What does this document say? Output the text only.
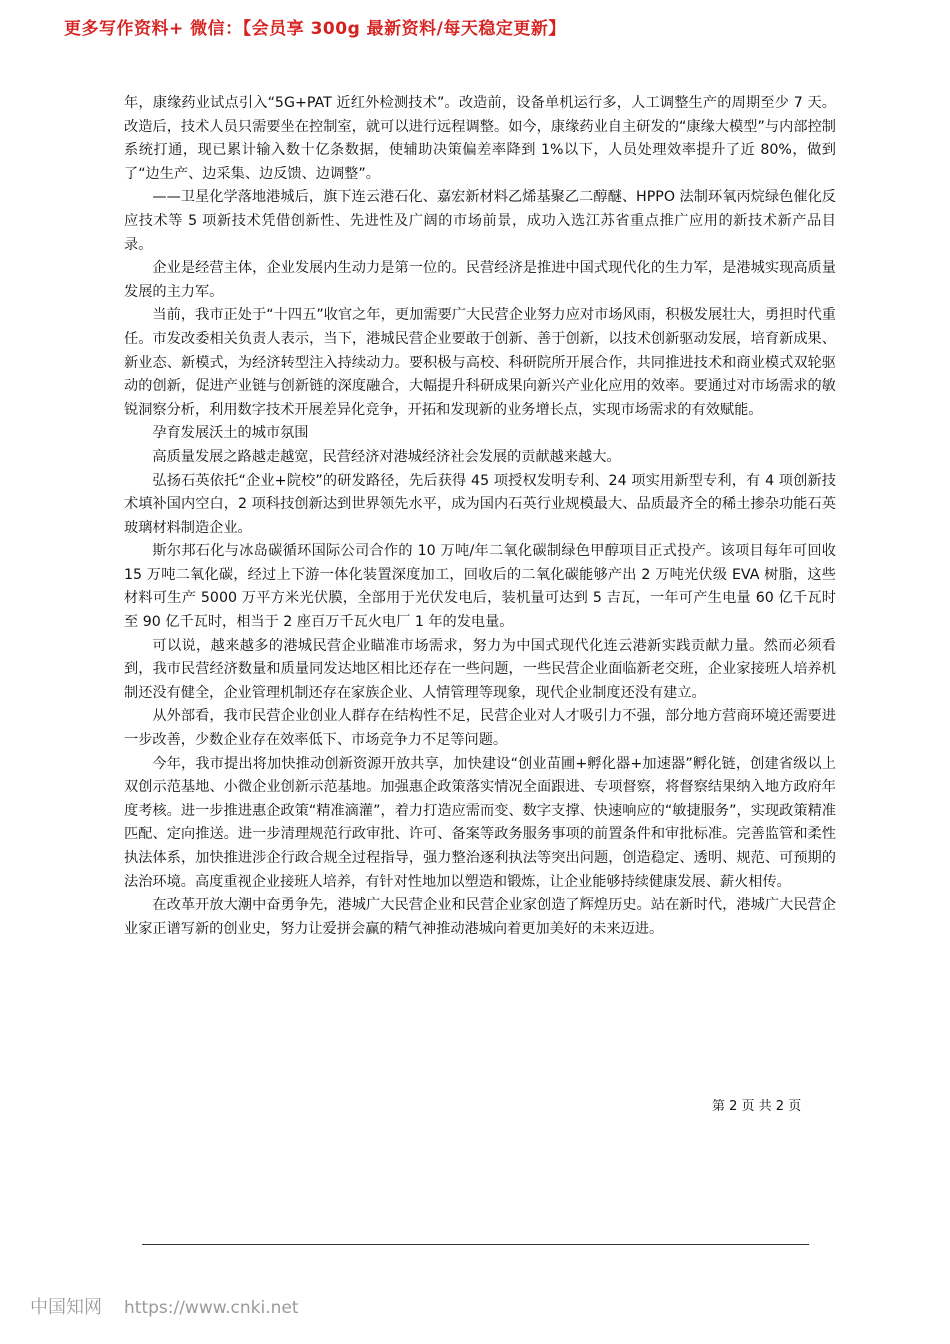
更多写作资料+ 微信：【会员享 300g 最新资料/每天稳定更新】

年，康缘药业试点引入“5G+PAT 近红外检测技术”。改造前，设备单机运行多，人工调整生产的周期至少 7 天。改造后，技术人员只需要坐在控制室，就可以进行远程调整。如今，康缘药业自主研发的“康缘大模型”与内部控制系统打通，现已累计输入数十亿条数据，使辅助决策偏差率降到 1%以下，人员处理效率提升了近 80%，做到了“边生产、边采集、边反馈、边调整”。

——卫星化学落地港城后，旗下连云港石化、嘉宏新材料乙烯基聚乙二醇醚、HPPO 法制环氧丙烷绿色催化反应技术等 5 项新技术凭借创新性、先进性及广阔的市场前景，成功入选江苏省重点推广应用的新技术新产品目录。

企业是经营主体，企业发展内生动力是第一位的。民营经济是推进中国式现代化的生力军，是港城实现高质量发展的主力军。

当前，我市正处于“十四五”收官之年，更加需要广大民营企业努力应对市场风雨，积极发展壮大，勇担时代重任。市发改委相关负责人表示，当下，港城民营企业要敢于创新、善于创新，以技术创新驱动发展，培育新成果、新业态、新模式，为经济转型注入持续动力。要积极与高校、科研院所开展合作，共同推进技术和商业模式双轮驱动的创新，促进产业链与创新链的深度融合，大幅提升科研成果向新兴产业化应用的效率。要通过对市场需求的敏锐洞察分析，利用数字技术开展差异化竞争，开拓和发现新的业务增长点，实现市场需求的有效赋能。

孕育发展沃土的城市氛围

高质量发展之路越走越宽，民营经济对港城经济社会发展的贡献越来越大。

弘扬石英依托“企业+院校”的研发路径，先后获得 45 项授权发明专利、24 项实用新型专利，有 4 项创新技术填补国内空白，2 项科技创新达到世界领先水平，成为国内石英行业规模最大、品质最齐全的稀土掺杂功能石英玻璃材料制造企业。

斯尔邦石化与冰岛碳循环国际公司合作的 10 万吨/年二氧化碳制绿色甲醇项目正式投产。该项目每年可回收 15 万吨二氧化碳，经过上下游一体化装置深度加工，回收后的二氧化碳能够产出 2 万吨光伏级 EVA 树脂，这些材料可生产 5000 万平方米光伏膜，全部用于光伏发电后，装机量可达到 5 吉瓦，一年可产生电量 60 亿千瓦时至 90 亿千瓦时，相当于 2 座百万千瓦火电厂 1 年的发电量。

可以说，越来越多的港城民营企业瞄准市场需求，努力为中国式现代化连云港新实践贡献力量。然而必须看到，我市民营经济数量和质量同发达地区相比还存在一些问题，一些民营企业面临新老交班，企业家接班人培养机制还没有健全，企业管理机制还存在家族企业、人情管理等现象，现代企业制度还没有建立。

从外部看，我市民营企业创业人群存在结构性不足，民营企业对人才吸引力不强，部分地方营商环境还需要进一步改善，少数企业存在效率低下、市场竞争力不足等问题。

今年，我市提出将加快推动创新资源开放共享，加快建设“创业苗圃+孵化器+加速器”孵化链，创建省级以上双创示范基地、小微企业创新示范基地。加强惠企政策落实情况全面跟进、专项督察，将督察结果纳入地方政府年度考核。进一步推进惠企政策“精准滴灌”，着力打造应需而变、数字支撑、快速响应的“敏捷服务”，实现政策精准匹配、定向推送。进一步清理规范行政审批、许可、备案等政务服务事项的前置条件和审批标准。完善监管和柔性执法体系，加快推进涉企行政合规全过程指导，强力整治逐利执法等突出问题，创造稳定、透明、规范、可预期的法治环境。高度重视企业接班人培养，有针对性地加以塑造和锻炼，让企业能够持续健康发展、薪火相传。

在改革开放大潮中奋勇争先，港城广大民营企业和民营企业家创造了辉煌历史。站在新时代，港城广大民营企业家正谱写新的创业史，努力让爱拼会赢的精气神推动港城向着更加美好的未来迈进。

第 2 页 共 2 页
中国知网 https://www.cnki.net
